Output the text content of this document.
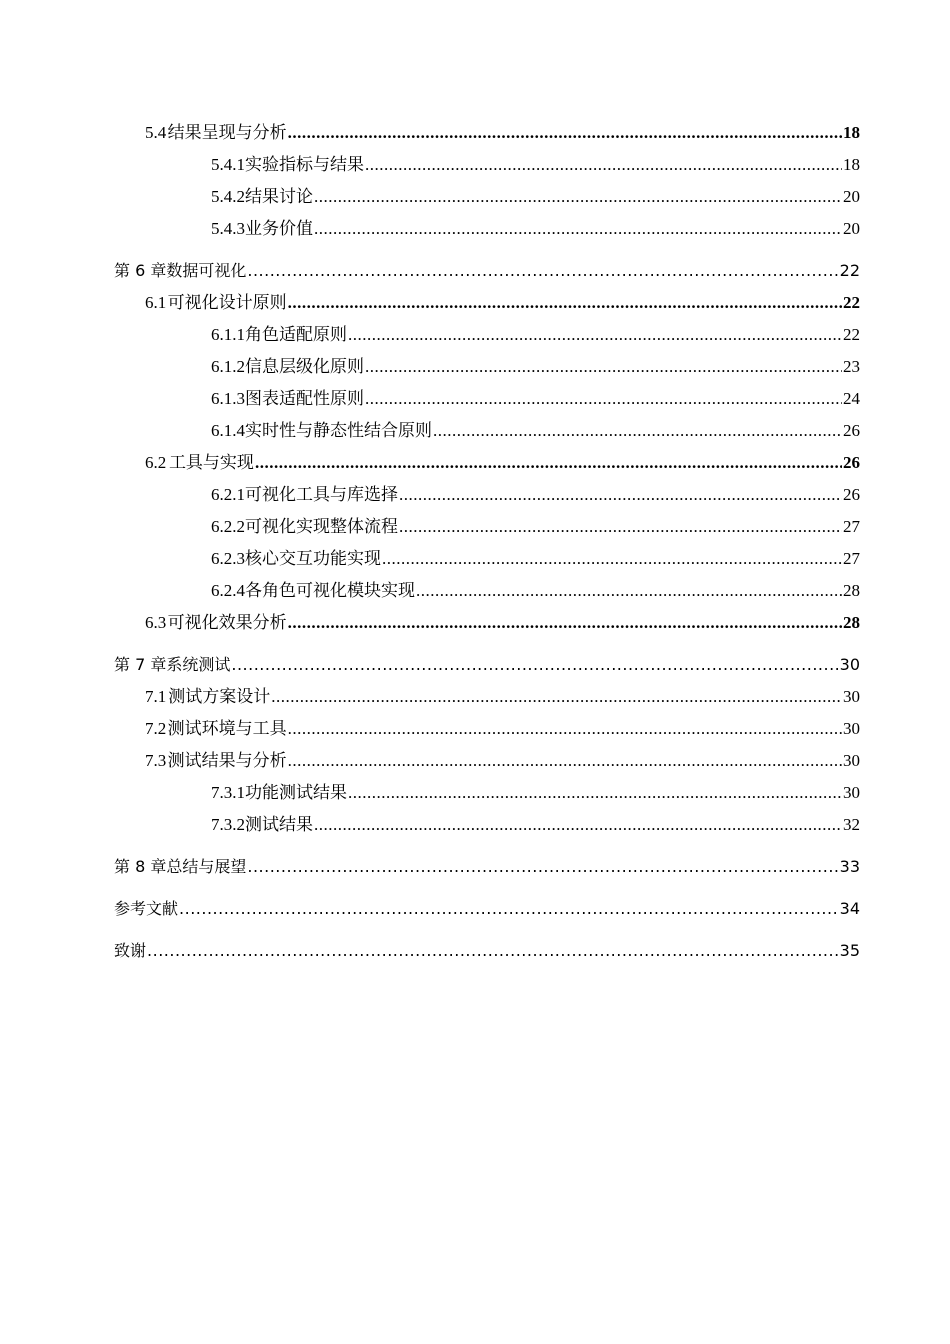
5.4 结果呈现与分析 .....	18
5.4.1 实验指标与结果 .....	18
5.4.2 结果讨论 .....	20
5.4.3 业务价值 .....	20
第 6 章 数据可视化 .....	22
6.1 可视化设计原则 .....	22
6.1.1 角色适配原则 .....	22
6.1.2 信息层级化原则 .....	23
6.1.3 图表适配性原则 .....	24
6.1.4 实时性与静态性结合原则 .....	26
6.2 工具与实现 .....	26
6.2.1 可视化工具与库选择 .....	26
6.2.2 可视化实现整体流程 .....	27
6.2.3 核心交互功能实现 .....	27
6.2.4 各角色可视化模块实现 .....	28
6.3 可视化效果分析 .....	28
第 7 章 系统测试 .....	30
7.1 测试方案设计 .....	30
7.2 测试环境与工具 .....	30
7.3 测试结果与分析 .....	30
7.3.1 功能测试结果 .....	30
7.3.2 测试结果 .....	32
第 8 章 总结与展望 .....	33
参考文献 .....	34
致谢 .....	35
